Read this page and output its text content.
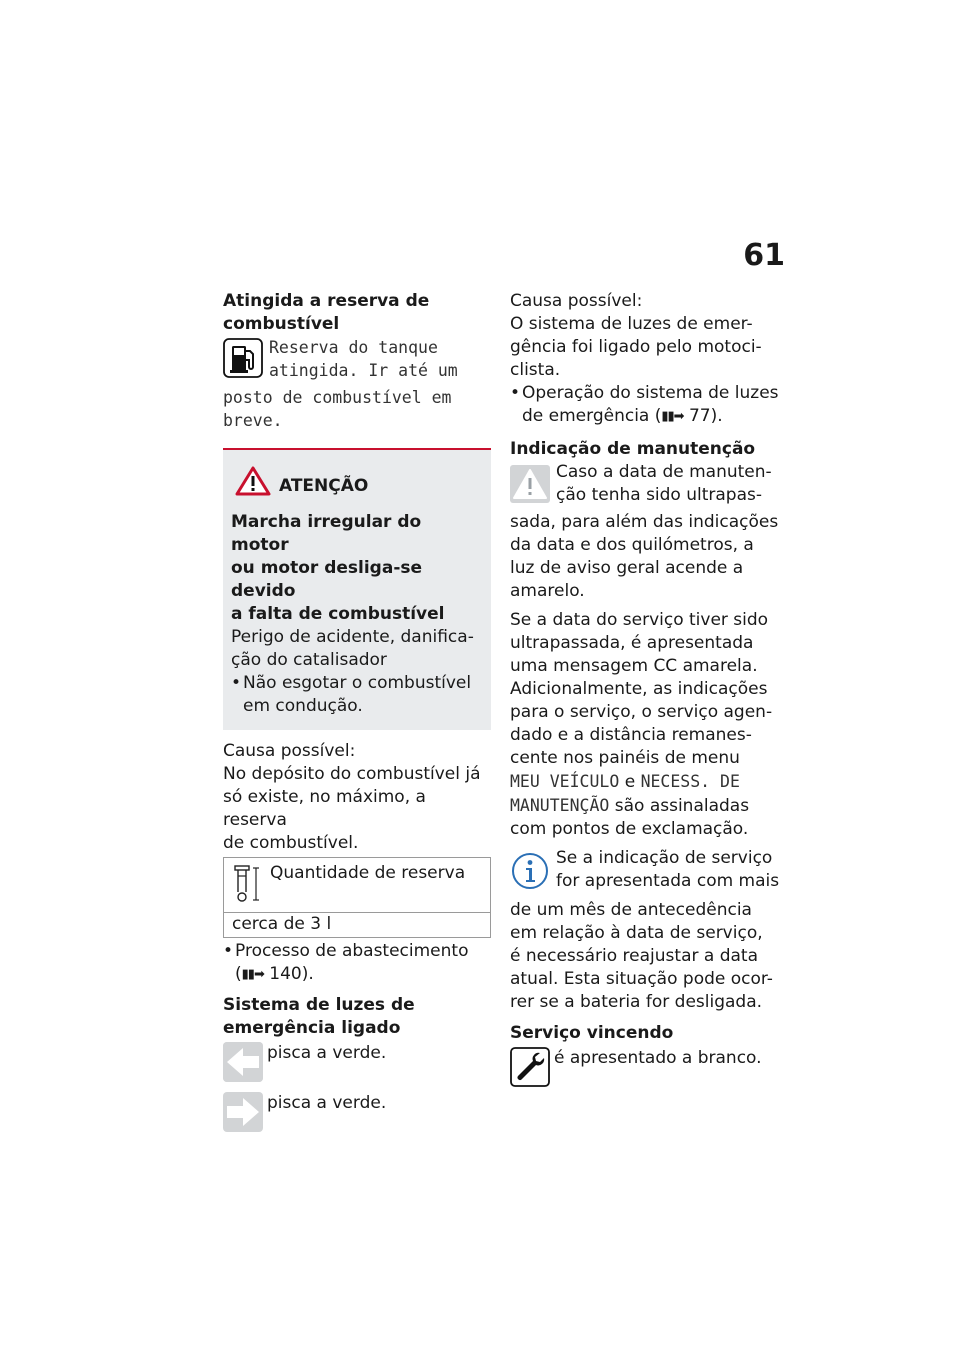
61

Atingida a reserva de combustível

Reserva do tanque
atingida. Ir até um
posto de combustível em
breve.

ATENÇÃO

Marcha irregular do motor

ou motor desliga-se devido

a falta de combustível

Perigo de acidente, danifica-

ção do catalisador

• Não esgotar o combustível
em condução.

Causa possível:

No depósito do combustível já

só existe, no máximo, a reserva

de combustível.

Quantidade de reserva
cerca de 3 l
• Processo de abastecimento

(▮▮➡ 140).

Sistema de luzes de

emergência ligado

pisca a verde.
pisca a verde.

Causa possível:

O sistema de luzes de emer-

gência foi ligado pelo motoci-

clista.

• Operação do sistema de luzes

de emergência (▮▮➡ 77).

Indicação de manutenção

Caso a data de manuten-

ção tenha sido ultrapas-

sada, para além das indicações

da data e dos quilómetros, a

luz de aviso geral acende a

amarelo.

Se a data do serviço tiver sido

ultrapassada, é apresentada

uma mensagem CC amarela.

Adicionalmente, as indicações

para o serviço, o serviço agen-

dado e a distância remanes-

cente nos painéis de menu

MEU VEÍCULO e NECESS. DE

MANUTENÇÃO são assinaladas

com pontos de exclamação.

Se a indicação de serviço

for apresentada com mais

de um mês de antecedência

em relação à data de serviço,

é necessário reajustar a data

atual. Esta situação pode ocor-

rer se a bateria for desligada.

Serviço vincendo

é apresentado a branco.
